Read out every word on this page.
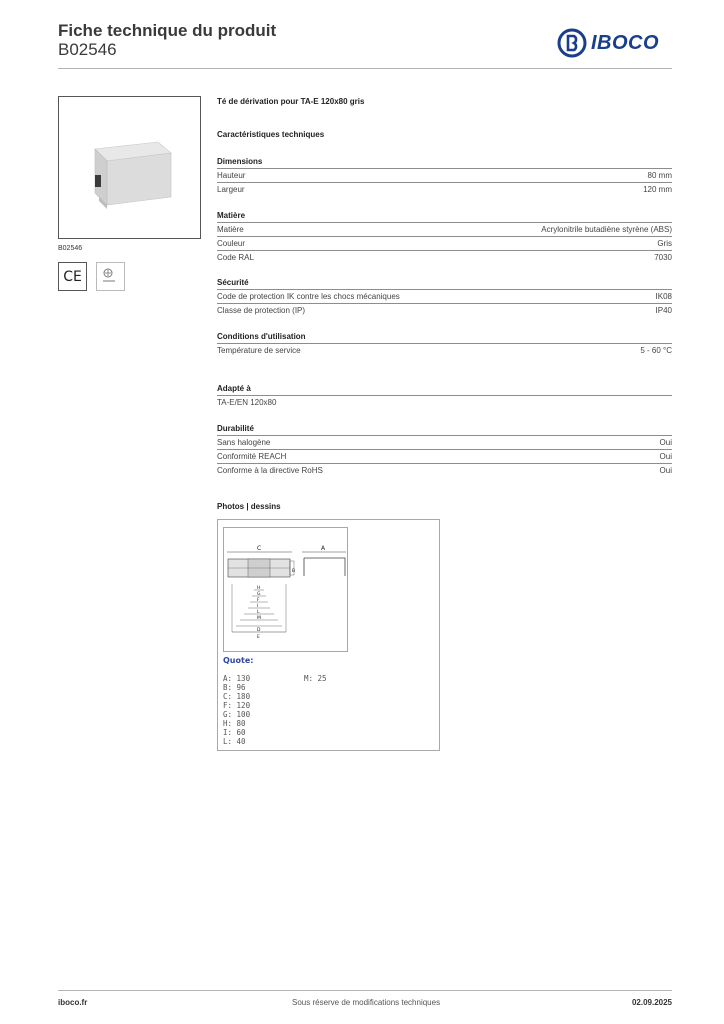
Fiche technique du produit
B02546	IBOCO
B02546
CE
Té de dérivation pour TA-E 120x80 gris
Caractéristiques techniques
Dimensions
Hauteur	80 mm
Largeur	120 mm
Matière
Matière	Acrylonitrile butadiène styrène (ABS)
Couleur	Gris
Code RAL	7030
Sécurité
Code de protection IK contre les chocs mécaniques	IK08
Classe de protection (IP)	IP40
Conditions d'utilisation
Température de service	5 - 60 °C
Adapté à
TA-E/EN 120x80
Durabilité
Sans halogène	Oui
Conformité REACH	Oui
Conforme à la directive RoHS	Oui
Photos | dessins
C	A
B
H
G
F
I
L
M
D
E
Quote:
A: 130
B: 96
C: 180
F: 120
G: 100
H: 80
I: 60
L: 40
M: 25
iboco.fr	Sous réserve de modifications techniques	02.09.2025
